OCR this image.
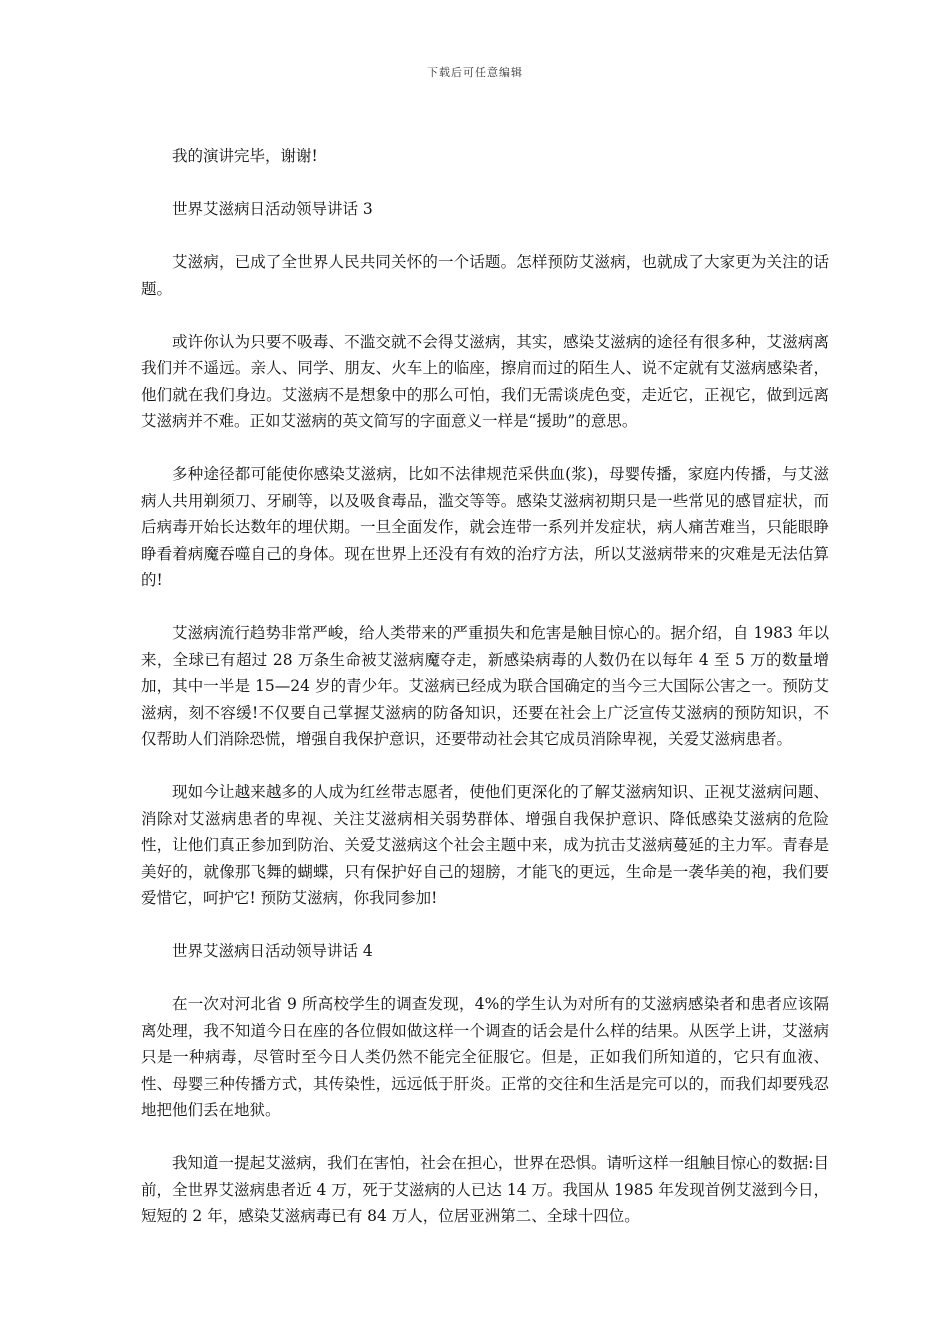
下载后可任意编辑

我的演讲完毕，谢谢!

世界艾滋病日活动领导讲话 3

艾滋病，已成了全世界人民共同关怀的一个话题。怎样预防艾滋病，也就成了大家更为关注的话题。

或许你认为只要不吸毒、不滥交就不会得艾滋病，其实，感染艾滋病的途径有很多种，艾滋病离我们并不遥远。亲人、同学、朋友、火车上的临座，擦肩而过的陌生人、说不定就有艾滋病感染者，他们就在我们身边。艾滋病不是想象中的那么可怕，我们无需谈虎色变，走近它，正视它，做到远离艾滋病并不难。正如艾滋病的英文简写的字面意义一样是“援助”的意思。

多种途径都可能使你感染艾滋病，比如不法律规范采供血(浆)，母婴传播，家庭内传播，与艾滋病人共用剃须刀、牙刷等，以及吸食毒品，滥交等等。感染艾滋病初期只是一些常见的感冒症状，而后病毒开始长达数年的埋伏期。一旦全面发作，就会连带一系列并发症状，病人痛苦难当，只能眼睁睁看着病魔吞噬自己的身体。现在世界上还没有有效的治疗方法，所以艾滋病带来的灾难是无法估算的!

艾滋病流行趋势非常严峻，给人类带来的严重损失和危害是触目惊心的。据介绍，自 1983 年以来，全球已有超过 28 万条生命被艾滋病魔夺走，新感染病毒的人数仍在以每年 4 至 5 万的数量增加，其中一半是 15—24 岁的青少年。艾滋病已经成为联合国确定的当今三大国际公害之一。预防艾滋病，刻不容缓!不仅要自己掌握艾滋病的防备知识，还要在社会上广泛宣传艾滋病的预防知识，不仅帮助人们消除恐慌，增强自我保护意识，还要带动社会其它成员消除卑视，关爱艾滋病患者。

现如今让越来越多的人成为红丝带志愿者，使他们更深化的了解艾滋病知识、正视艾滋病问题、消除对艾滋病患者的卑视、关注艾滋病相关弱势群体、增强自我保护意识、降低感染艾滋病的危险性，让他们真正参加到防治、关爱艾滋病这个社会主题中来，成为抗击艾滋病蔓延的主力军。青春是美好的，就像那飞舞的蝴蝶，只有保护好自己的翅膀，才能飞的更远，生命是一袭华美的袍，我们要爱惜它，呵护它! 预防艾滋病，你我同参加!

世界艾滋病日活动领导讲话 4

在一次对河北省 9 所高校学生的调查发现，4%的学生认为对所有的艾滋病感染者和患者应该隔离处理，我不知道今日在座的各位假如做这样一个调查的话会是什么样的结果。从医学上讲，艾滋病只是一种病毒，尽管时至今日人类仍然不能完全征服它。但是，正如我们所知道的，它只有血液、性、母婴三种传播方式，其传染性，远远低于肝炎。正常的交往和生活是完可以的，而我们却要残忍地把他们丢在地狱。

我知道一提起艾滋病，我们在害怕，社会在担心，世界在恐惧。请听这样一组触目惊心的数据:目前，全世界艾滋病患者近 4 万，死于艾滋病的人已达 14 万。我国从 1985 年发现首例艾滋到今日，短短的 2 年，感染艾滋病毒已有 84 万人，位居亚洲第二、全球十四位。
